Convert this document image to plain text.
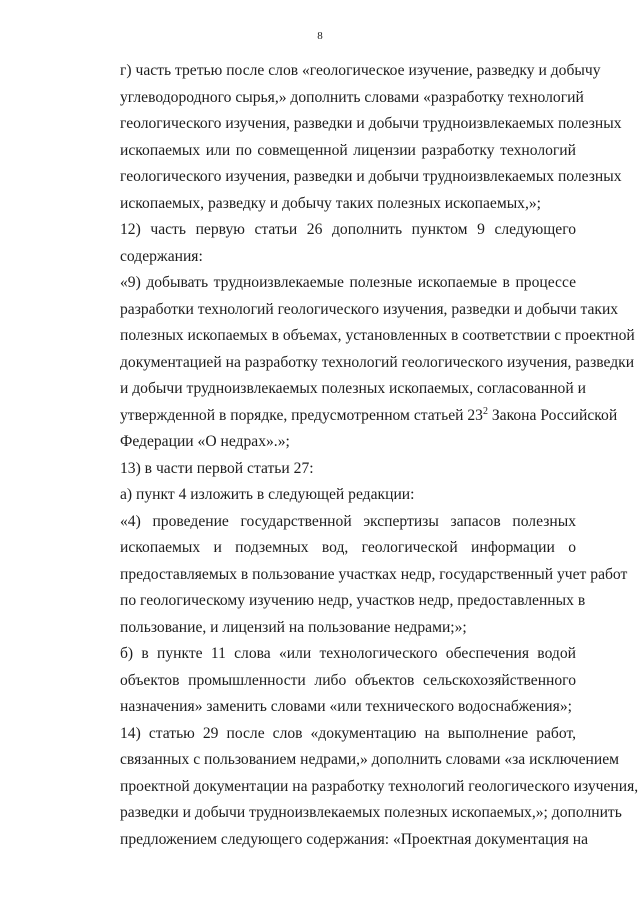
8
г) часть третью после слов «геологическое изучение, разведку и добычу
углеводородного сырья,» дополнить словами «разработку технологий
геологического изучения, разведки и добычи трудноизвлекаемых полезных
ископаемых или по совмещенной лицензии разработку технологий
геологического изучения, разведки и добычи трудноизвлекаемых полезных
ископаемых, разведку и добычу таких полезных ископаемых,»;
12) часть первую статьи 26 дополнить пунктом 9 следующего
содержания:
«9) добывать трудноизвлекаемые полезные ископаемые в процессе
разработки технологий геологического изучения, разведки и добычи таких
полезных ископаемых в объемах, установленных в соответствии с проектной
документацией на разработку технологий геологического изучения, разведки
и добычи трудноизвлекаемых полезных ископаемых, согласованной и
утвержденной в порядке, предусмотренном статьей $23^2$ Закона Российской
Федерации «О недрах».»;
13) в части первой статьи 27:
а) пункт 4 изложить в следующей редакции:
«4) проведение государственной экспертизы запасов полезных
ископаемых и подземных вод, геологической информации о
предоставляемых в пользование участках недр, государственный учет работ
по геологическому изучению недр, участков недр, предоставленных в
пользование, и лицензий на пользование недрами;»;
б) в пункте 11 слова «или технологического обеспечения водой
объектов промышленности либо объектов сельскохозяйственного
назначения» заменить словами «или технического водоснабжения»;
14) статью 29 после слов «документацию на выполнение работ,
связанных с пользованием недрами,» дополнить словами «за исключением
проектной документации на разработку технологий геологического изучения,
разведки и добычи трудноизвлекаемых полезных ископаемых,»; дополнить
предложением следующего содержания: «Проектная документация на
